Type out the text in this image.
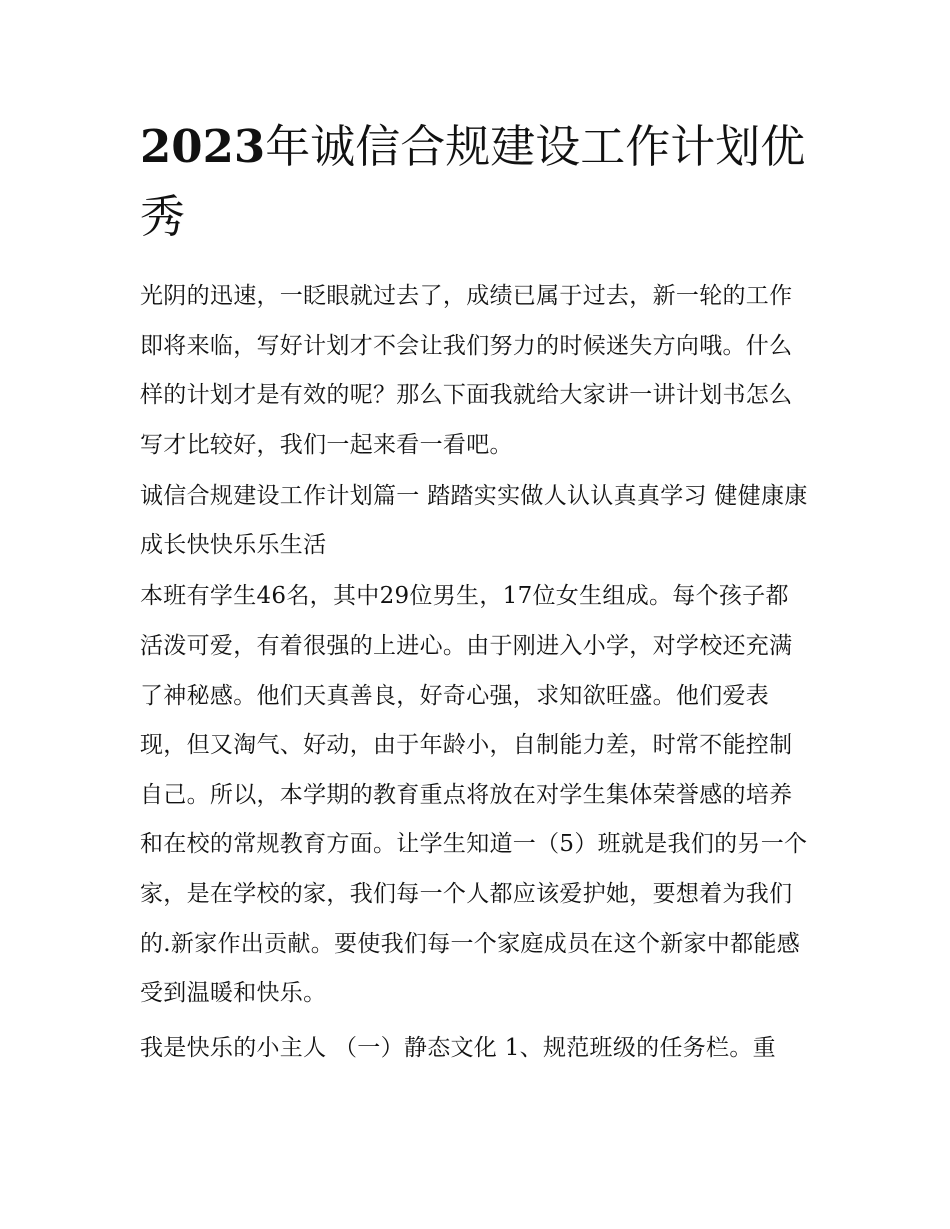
2023年诚信合规建设工作计划优秀

光阴的迅速，一眨眼就过去了，成绩已属于过去，新一轮的工作即将来临，写好计划才不会让我们努力的时候迷失方向哦。什么样的计划才是有效的呢？那么下面我就给大家讲一讲计划书怎么写才比较好，我们一起来看一看吧。

诚信合规建设工作计划篇一 踏踏实实做人认认真真学习 健健康康成长快快乐乐生活

本班有学生46名，其中29位男生，17位女生组成。每个孩子都活泼可爱，有着很强的上进心。由于刚进入小学，对学校还充满了神秘感。他们天真善良，好奇心强，求知欲旺盛。他们爱表现，但又淘气、好动，由于年龄小，自制能力差，时常不能控制自己。所以，本学期的教育重点将放在对学生集体荣誉感的培养和在校的常规教育方面。让学生知道一（5）班就是我们的另一个家，是在学校的家，我们每一个人都应该爱护她，要想着为我们的.新家作出贡献。要使我们每一个家庭成员在这个新家中都能感受到温暖和快乐。

我是快乐的小主人 （一）静态文化 1、规范班级的任务栏。重
